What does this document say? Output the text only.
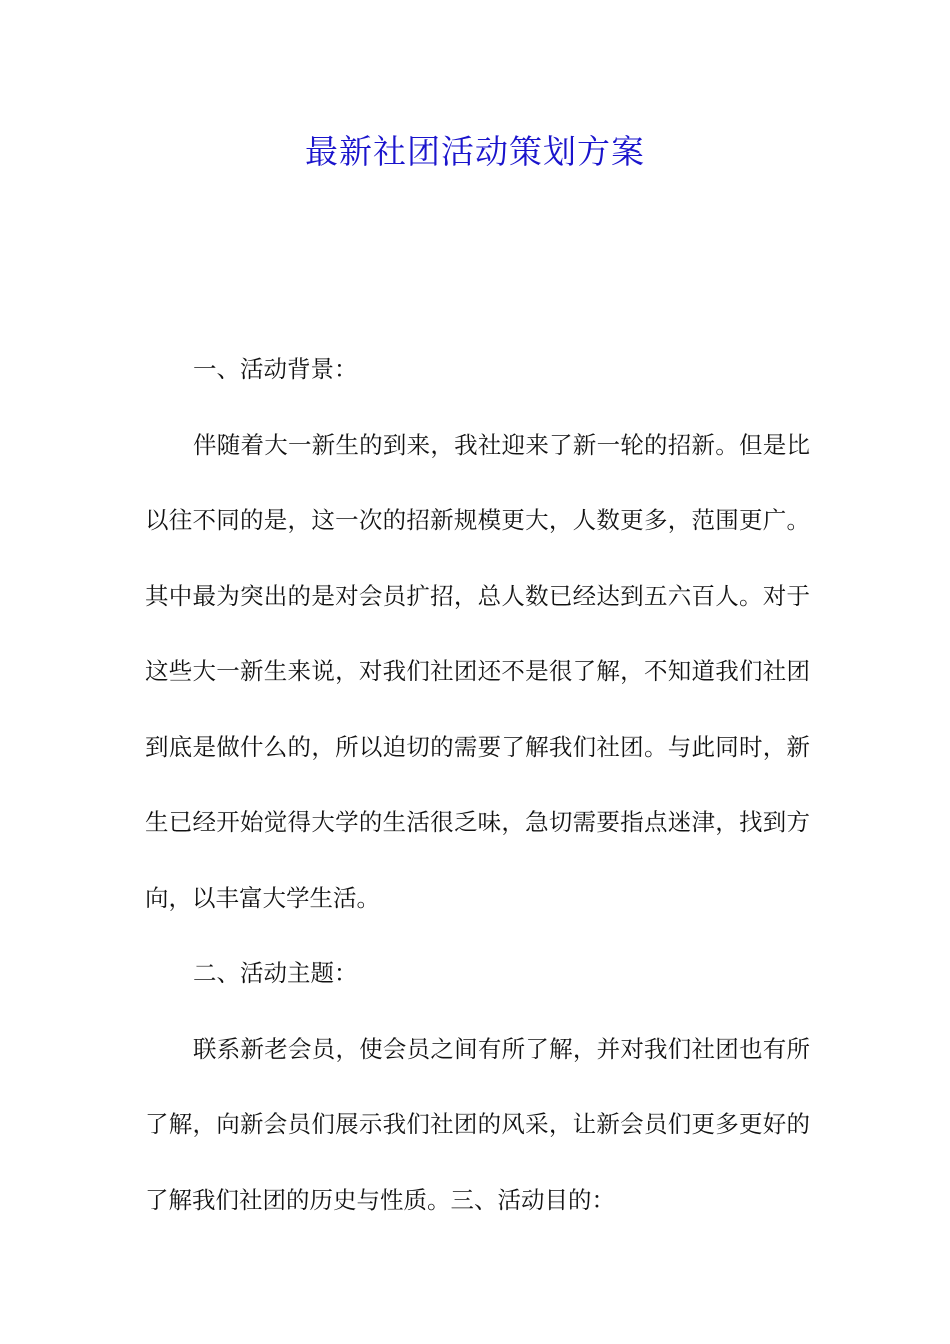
最新社团活动策划方案

一、活动背景：

伴随着大一新生的到来，我社迎来了新一轮的招新。但是比以往不同的是，这一次的招新规模更大，人数更多，范围更广。其中最为突出的是对会员扩招，总人数已经达到五六百人。对于这些大一新生来说，对我们社团还不是很了解，不知道我们社团到底是做什么的，所以迫切的需要了解我们社团。与此同时，新生已经开始觉得大学的生活很乏味，急切需要指点迷津，找到方向，以丰富大学生活。

二、活动主题：

联系新老会员，使会员之间有所了解，并对我们社团也有所了解，向新会员们展示我们社团的风采，让新会员们更多更好的了解我们社团的历史与性质。三、活动目的：
